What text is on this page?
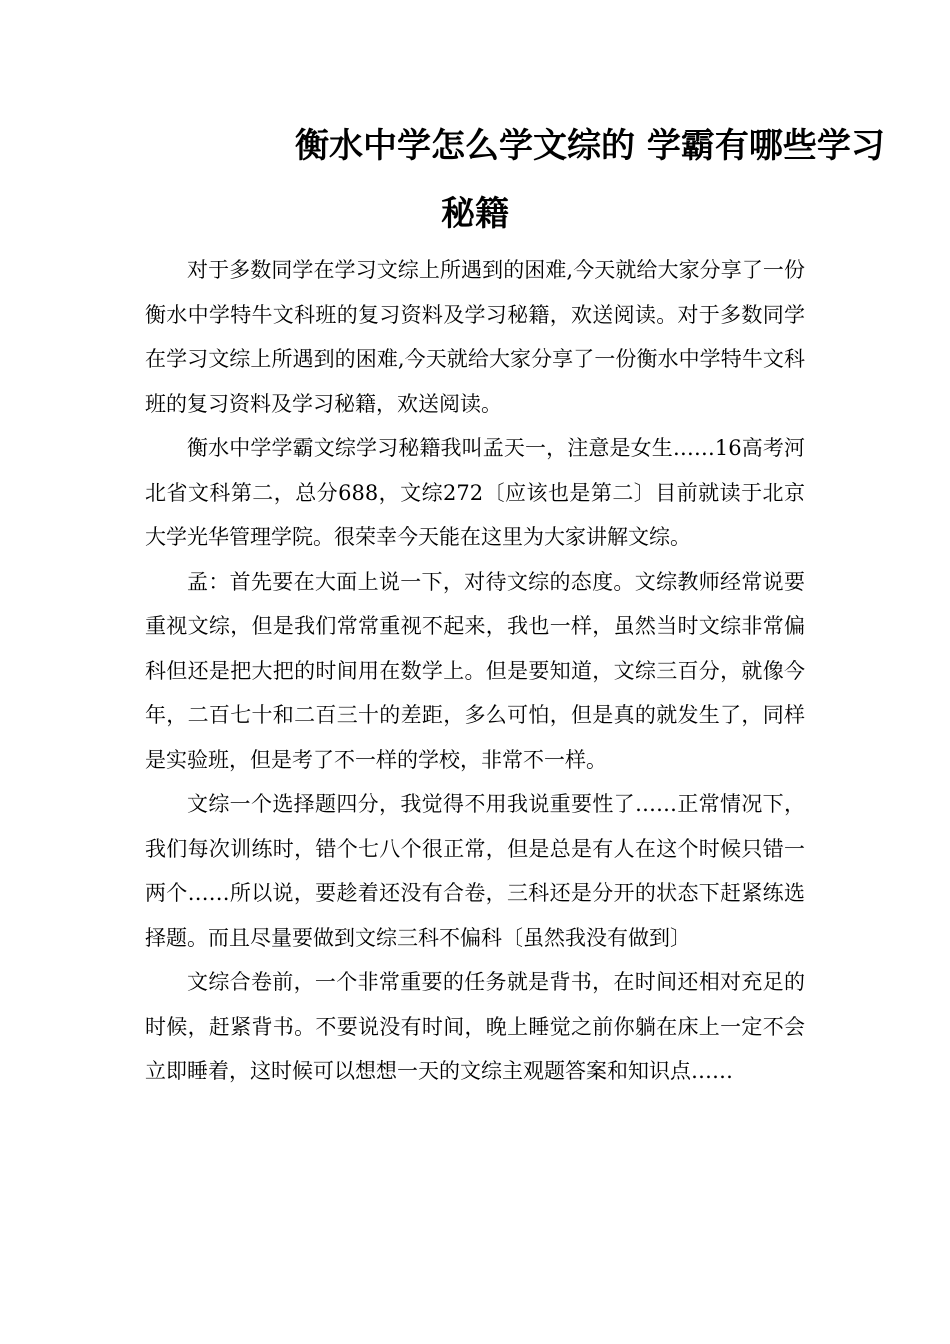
衡水中学怎么学文综的 学霸有哪些学习
秘籍

对于多数同学在学习文综上所遇到的困难,今天就给大家分享了一份衡水中学特牛文科班的复习资料及学习秘籍，欢送阅读。对于多数同学在学习文综上所遇到的困难,今天就给大家分享了一份衡水中学特牛文科班的复习资料及学习秘籍，欢送阅读。

衡水中学学霸文综学习秘籍我叫孟天一，注意是女生……16高考河北省文科第二，总分688，文综272〔应该也是第二〕目前就读于北京大学光华管理学院。很荣幸今天能在这里为大家讲解文综。

孟：首先要在大面上说一下，对待文综的态度。文综教师经常说要重视文综，但是我们常常重视不起来，我也一样，虽然当时文综非常偏科但还是把大把的时间用在数学上。但是要知道，文综三百分，就像今年，二百七十和二百三十的差距，多么可怕，但是真的就发生了，同样是实验班，但是考了不一样的学校，非常不一样。

文综一个选择题四分，我觉得不用我说重要性了……正常情况下，我们每次训练时，错个七八个很正常，但是总是有人在这个时候只错一两个……所以说，要趁着还没有合卷，三科还是分开的状态下赶紧练选择题。而且尽量要做到文综三科不偏科〔虽然我没有做到〕

文综合卷前，一个非常重要的任务就是背书，在时间还相对充足的时候，赶紧背书。不要说没有时间，晚上睡觉之前你躺在床上一定不会立即睡着，这时候可以想想一天的文综主观题答案和知识点……
